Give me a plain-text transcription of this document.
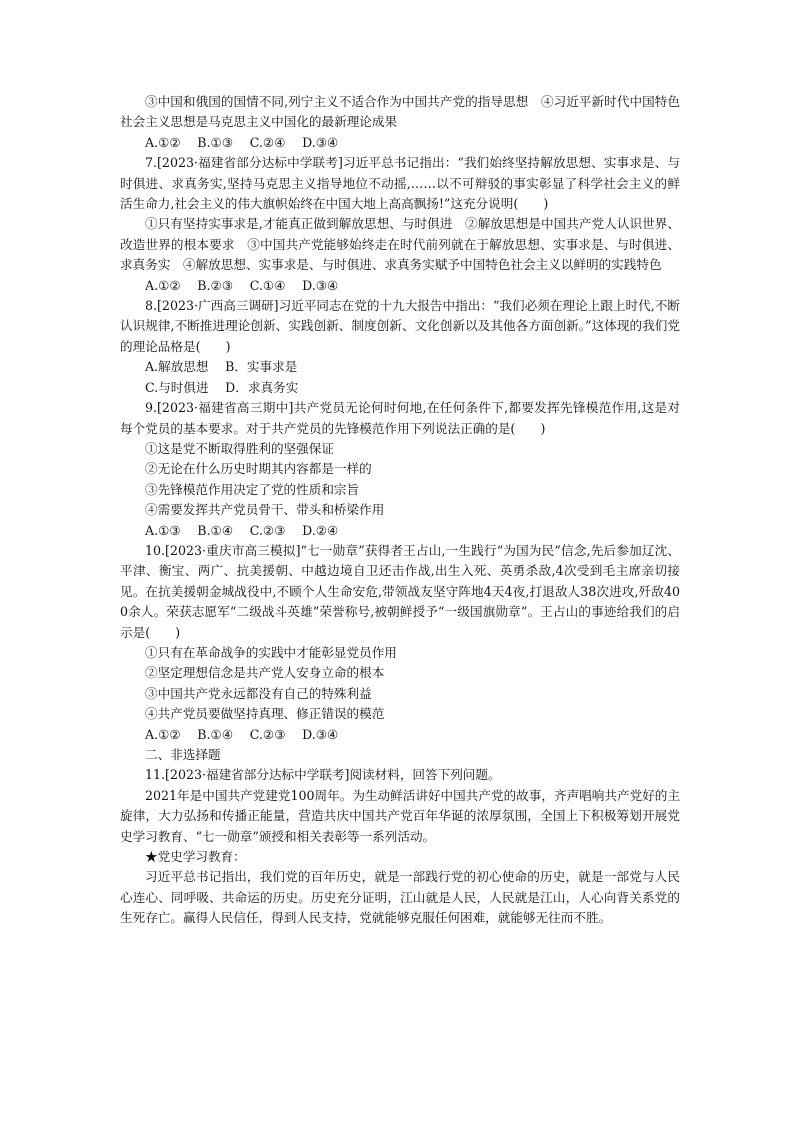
③中国和俄国的国情不同,列宁主义不适合作为中国共产党的指导思想　④习近平新时代中国特色社会主义思想是马克思主义中国化的最新理论成果

A.①②　 B.①③　 C.②④　 D.③④

7.[2023·福建省部分达标中学联考]习近平总书记指出：“我们始终坚持解放思想、实事求是、与时俱进、求真务实,坚持马克思主义指导地位不动摇,……以不可辩驳的事实彰显了科学社会主义的鲜活生命力,社会主义的伟大旗帜始终在中国大地上高高飘扬!”这充分说明(　　)

①只有坚持实事求是,才能真正做到解放思想、与时俱进　②解放思想是中国共产党人认识世界、改造世界的根本要求　③中国共产党能够始终走在时代前列就在于解放思想、实事求是、与时俱进、求真务实　④解放思想、实事求是、与时俱进、求真务实赋予中国特色社会主义以鲜明的实践特色

A.①②　 B.②③　 C.①④　 D.③④

8.[2023·广西高三调研]习近平同志在党的十九大报告中指出：“我们必须在理论上跟上时代,不断认识规律,不断推进理论创新、实践创新、制度创新、文化创新以及其他各方面创新。”这体现的我们党的理论品格是(　　)

A.解放思想　 B．实事求是

C.与时俱进　 D．求真务实

9.[2023·福建省高三期中]共产党员无论何时何地,在任何条件下,都要发挥先锋模范作用,这是对每个党员的基本要求。对于共产党员的先锋模范作用下列说法正确的是(　　)

①这是党不断取得胜利的坚强保证

②无论在什么历史时期其内容都是一样的

③先锋模范作用决定了党的性质和宗旨

④需要发挥共产党员骨干、带头和桥梁作用

A.①③　 B.①④　 C.②③　 D.②④

10.[2023·重庆市高三模拟]“七一勋章”获得者王占山,一生践行“为国为民”信念,先后参加辽沈、平津、衡宝、两广、抗美援朝、中越边境自卫还击作战,出生入死、英勇杀敌,4次受到毛主席亲切接见。在抗美援朝金城战役中,不顾个人生命安危,带领战友坚守阵地4天4夜,打退敌人38次进攻,歼敌400余人。荣获志愿军“二级战斗英雄”荣誉称号,被朝鲜授予“一级国旗勋章”。王占山的事迹给我们的启示是(　　)

①只有在革命战争的实践中才能彰显党员作用

②坚定理想信念是共产党人安身立命的根本

③中国共产党永远都没有自己的特殊利益

④共产党员要做坚持真理、修正错误的模范

A.①②　 B.①④　 C.②③　 D.③④

二、非选择题

11.[2023·福建省部分达标中学联考]阅读材料，回答下列问题。

2021年是中国共产党建党100周年。为生动鲜活讲好中国共产党的故事，齐声唱响共产党好的主旋律，大力弘扬和传播正能量，营造共庆中国共产党百年华诞的浓厚氛围，全国上下积极筹划开展党史学习教育、“七一勋章”颁授和相关表彰等一系列活动。

★党史学习教育：

习近平总书记指出，我们党的百年历史，就是一部践行党的初心使命的历史，就是一部党与人民心连心、同呼吸、共命运的历史。历史充分证明，江山就是人民，人民就是江山，人心向背关系党的生死存亡。赢得人民信任，得到人民支持，党就能够克服任何困难，就能够无往而不胜。
